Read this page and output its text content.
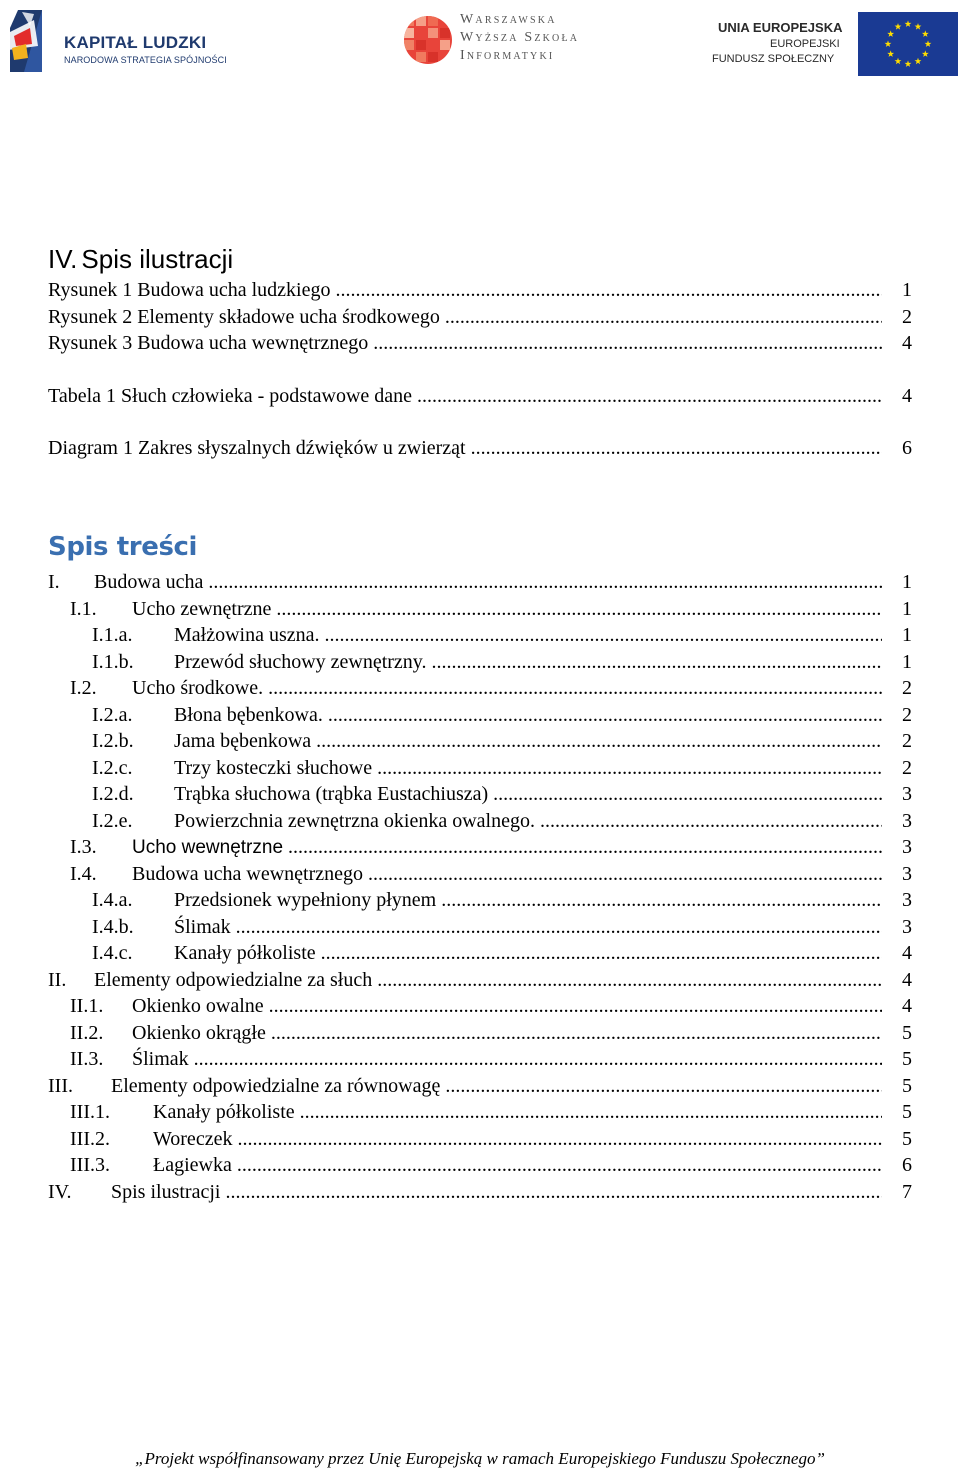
KAPITAŁ LUDZKI
NARODOWA STRATEGIA SPÓJNOŚCI
Warszawska
Wyższa Szkoła
Informatyki
UNIA EUROPEJSKA
EUROPEJSKI
FUNDUSZ SPOŁECZNY
IV. Spis ilustracji
Rysunek 1 Budowa ucha ludzkiego .....	1
Rysunek 2 Elementy składowe ucha środkowego .....	2
Rysunek 3 Budowa ucha wewnętrznego .....	4
Tabela 1 Słuch człowieka - podstawowe dane .....	4
Diagram 1 Zakres słyszalnych dźwięków u zwierząt .....	6
Spis treści
I. Budowa ucha .....	1
I.1. Ucho zewnętrzne .....	1
I.1.a. Małżowina uszna. .....	1
I.1.b. Przewód słuchowy zewnętrzny. .....	1
I.2. Ucho środkowe. .....	2
I.2.a. Błona bębenkowa. .....	2
I.2.b. Jama bębenkowa .....	2
I.2.c. Trzy kosteczki słuchowe .....	2
I.2.d. Trąbka słuchowa (trąbka Eustachiusza) .....	3
I.2.e. Powierzchnia zewnętrzna okienka owalnego. .....	3
I.3. Ucho wewnętrzne .....	3
I.4. Budowa ucha wewnętrznego .....	3
I.4.a. Przedsionek wypełniony płynem .....	3
I.4.b. Ślimak .....	3
I.4.c. Kanały półkoliste .....	4
II. Elementy odpowiedzialne za słuch .....	4
II.1. Okienko owalne .....	4
II.2. Okienko okrągłe .....	5
II.3. Ślimak .....	5
III. Elementy odpowiedzialne za równowagę .....	5
III.1. Kanały półkoliste .....	5
III.2. Woreczek .....	5
III.3. Łagiewka .....	6
IV. Spis ilustracji .....	7
„Projekt współfinansowany przez Unię Europejską w ramach Europejskiego Funduszu Społecznego”
